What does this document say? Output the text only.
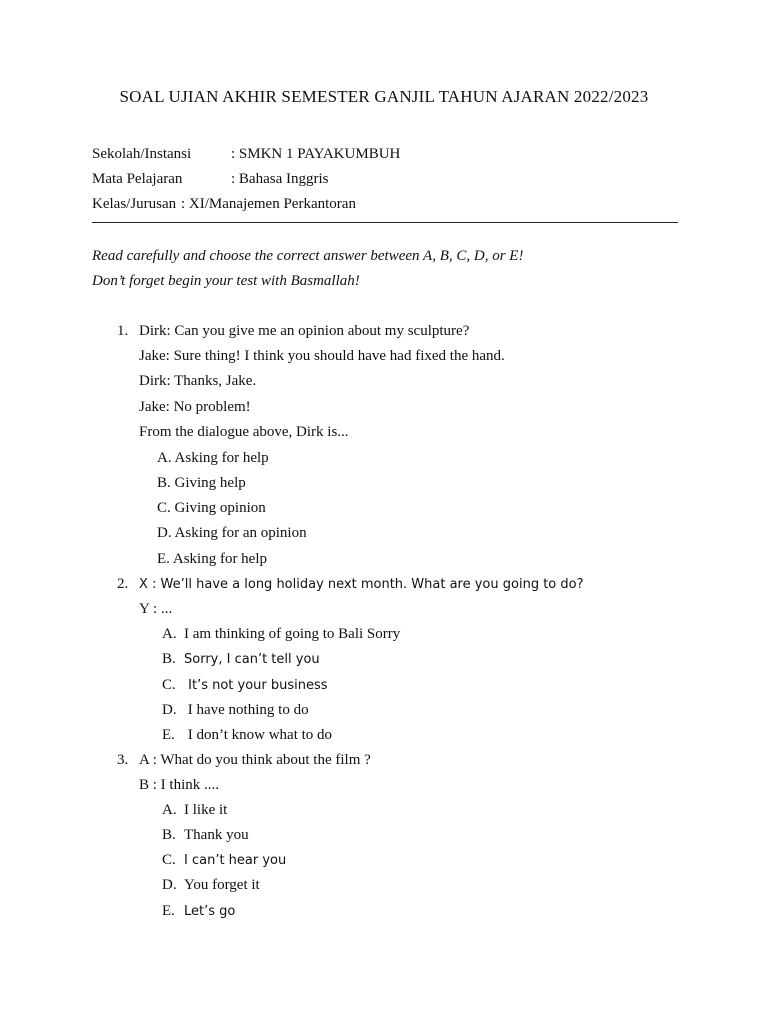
SOAL UJIAN AKHIR SEMESTER GANJIL TAHUN AJARAN 2022/2023
Sekolah/Instansi	: SMKN 1 PAYAKUMBUH
Mata Pelajaran	: Bahasa Inggris
Kelas/Jurusan : XI/Manajemen Perkantoran
Read carefully and choose the correct answer between A, B, C, D, or E!
Don’t forget begin your test with Basmallah!
1. Dirk: Can you give me an opinion about my sculpture?
Jake: Sure thing! I think you should have had fixed the hand.
Dirk: Thanks, Jake.
Jake: No problem!
From the dialogue above, Dirk is...
A. Asking for help
B. Giving help
C. Giving opinion
D. Asking for an opinion
E. Asking for help
2. X : We’ll have a long holiday next month. What are you going to do?
Y : ...
A. I am thinking of going to Bali Sorry
B. Sorry, I can’t tell you
C. It’s not your business
D. I have nothing to do
E. I don’t know what to do
3. A : What do you think about the film ?
B : I think ....
A. I like it
B. Thank you
C. I can’t hear you
D. You forget it
E. Let’s go
